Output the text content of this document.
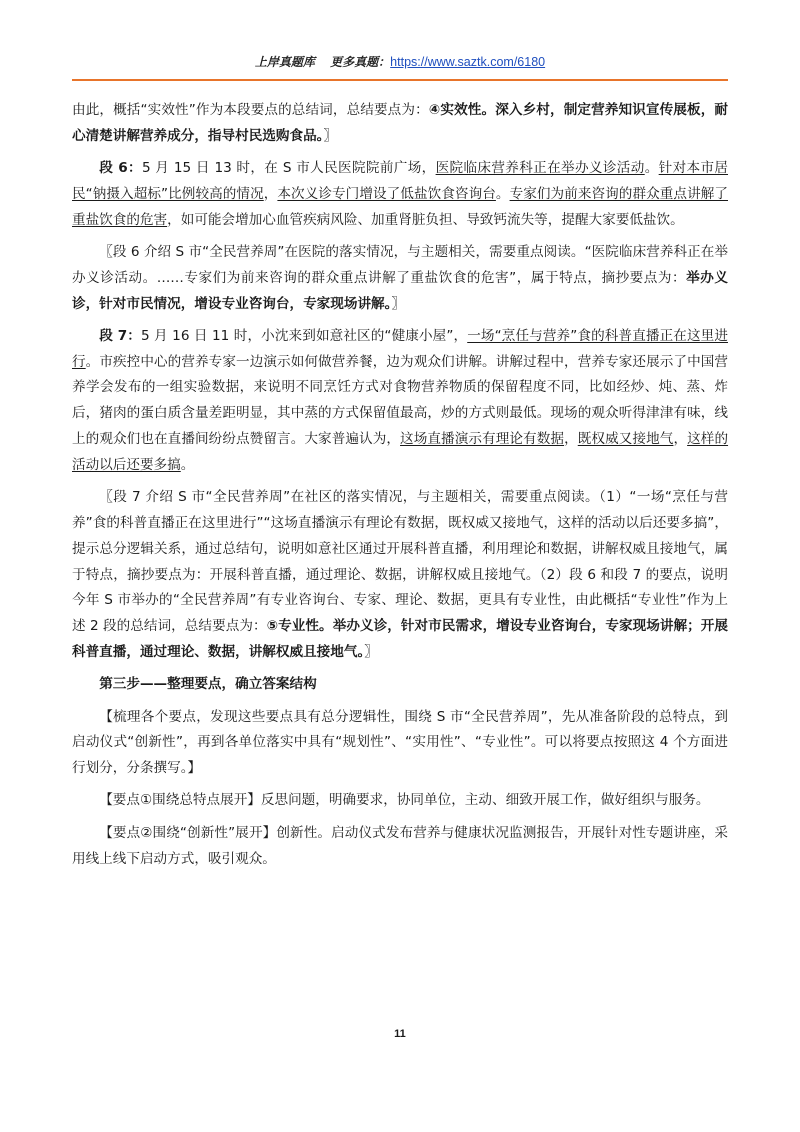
上岸真题库 更多真题：https://www.saztk.com/6180

由此，概括“实效性”作为本段要点的总结词，总结要点为：④实效性。深入乡村，制定营养知识宣传展板，耐心清楚讲解营养成分，指导村民选购食品。〗

段 6：5 月 15 日 13 时，在 S 市人民医院院前广场，医院临床营养科正在举办义诊活动。针对本市居民“钠摄入超标”比例较高的情况，本次义诊专门增设了低盐饮食咨询台。专家们为前来咨询的群众重点讲解了重盐饮食的危害，如可能会增加心血管疾病风险、加重肾脏负担、导致钙流失等，提醒大家要低盐饮。

〖段 6 介绍 S 市“全民营养周”在医院的落实情况，与主题相关，需要重点阅读。“医院临床营养科正在举办义诊活动。……专家们为前来咨询的群众重点讲解了重盐饮食的危害”，属于特点，摘抄要点为：举办义诊，针对市民情况，增设专业咨询台，专家现场讲解。〗

段 7：5 月 16 日 11 时，小沈来到如意社区的“健康小屋”，一场“烹任与营养”食的科普直播正在这里进行。市疾控中心的营养专家一边演示如何做营养餐，边为观众们讲解。讲解过程中，营养专家还展示了中国营养学会发布的一组实验数据，来说明不同烹饪方式对食物营养物质的保留程度不同，比如经炒、炖、蒸、炸后，猪肉的蛋白质含量差距明显，其中蒸的方式保留值最高，炒的方式则最低。现场的观众听得津津有味，线上的观众们也在直播间纷纷点赞留言。大家普遍认为，这场直播演示有理论有数据，既权威又接地气，这样的活动以后还要多搞。

〖段 7 介绍 S 市“全民营养周”在社区的落实情况，与主题相关，需要重点阅读。（1）“一场“烹任与营养”食的科普直播正在这里进行”“这场直播演示有理论有数据，既权威又接地气，这样的活动以后还要多搞”，提示总分逻辑关系，通过总结句，说明如意社区通过开展科普直播，利用理论和数据，讲解权威且接地气，属于特点，摘抄要点为：开展科普直播，通过理论、数据，讲解权威且接地气。（2）段 6 和段 7 的要点，说明今年 S 市举办的“全民营养周”有专业咨询台、专家、理论、数据，更具有专业性，由此概括“专业性”作为上述 2 段的总结词，总结要点为：⑤专业性。举办义诊，针对市民需求，增设专业咨询台，专家现场讲解；开展科普直播，通过理论、数据，讲解权威且接地气。〗

第三步——整理要点，确立答案结构

【梳理各个要点，发现这些要点具有总分逻辑性，围绕 S 市“全民营养周”，先从准备阶段的总特点，到启动仪式“创新性”，再到各单位落实中具有“规划性”、“实用性”、“专业性”。可以将要点按照这 4 个方面进行划分，分条撰写。】

【要点①围绕总特点展开】反思问题，明确要求，协同单位，主动、细致开展工作，做好组织与服务。

【要点②围绕“创新性”展开】创新性。启动仪式发布营养与健康状况监测报告，开展针对性专题讲座，采用线上线下启动方式，吸引观众。

11
